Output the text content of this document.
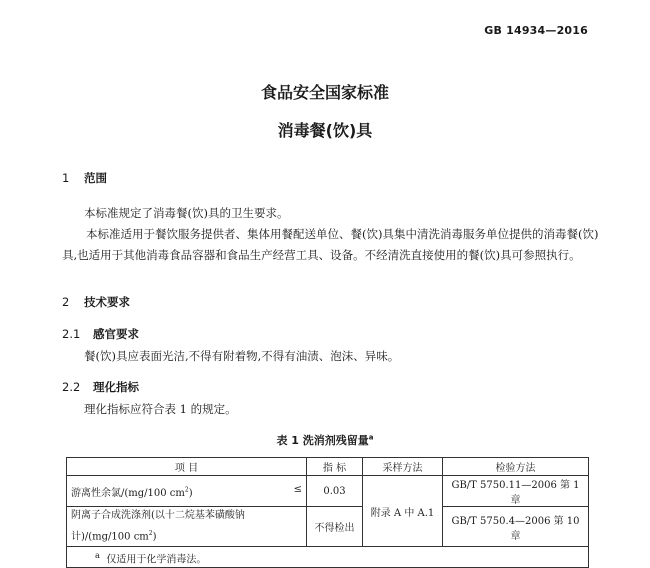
GB 14934—2016
食品安全国家标准
消毒餐(饮)具
1 范围
本标准规定了消毒餐(饮)具的卫生要求。
本标准适用于餐饮服务提供者、集体用餐配送单位、餐(饮)具集中清洗消毒服务单位提供的消毒餐(饮)具,也适用于其他消毒食品容器和食品生产经营工具、设备。不经清洗直接使用的餐(饮)具可参照执行。
2 技术要求
2.1 感官要求
餐(饮)具应表面光洁,不得有附着物,不得有油渍、泡沫、异味。
2.2 理化指标
理化指标应符合表 1 的规定。
表 1 洗消剂残留量$^a$
项 目	指 标	采样方法	检验方法
游离性余氯/(mg/100 $cm^2$) ≤	0.03	附录 A 中 A.1	GB/T 5750.11—2006 第 1 章
阴离子合成洗涤剂(以十二烷基苯磺酸钠计)/(mg/100 $cm^2$)	不得检出		GB/T 5750.4—2006 第 10 章
$^a$ 仅适用于化学消毒法。			
